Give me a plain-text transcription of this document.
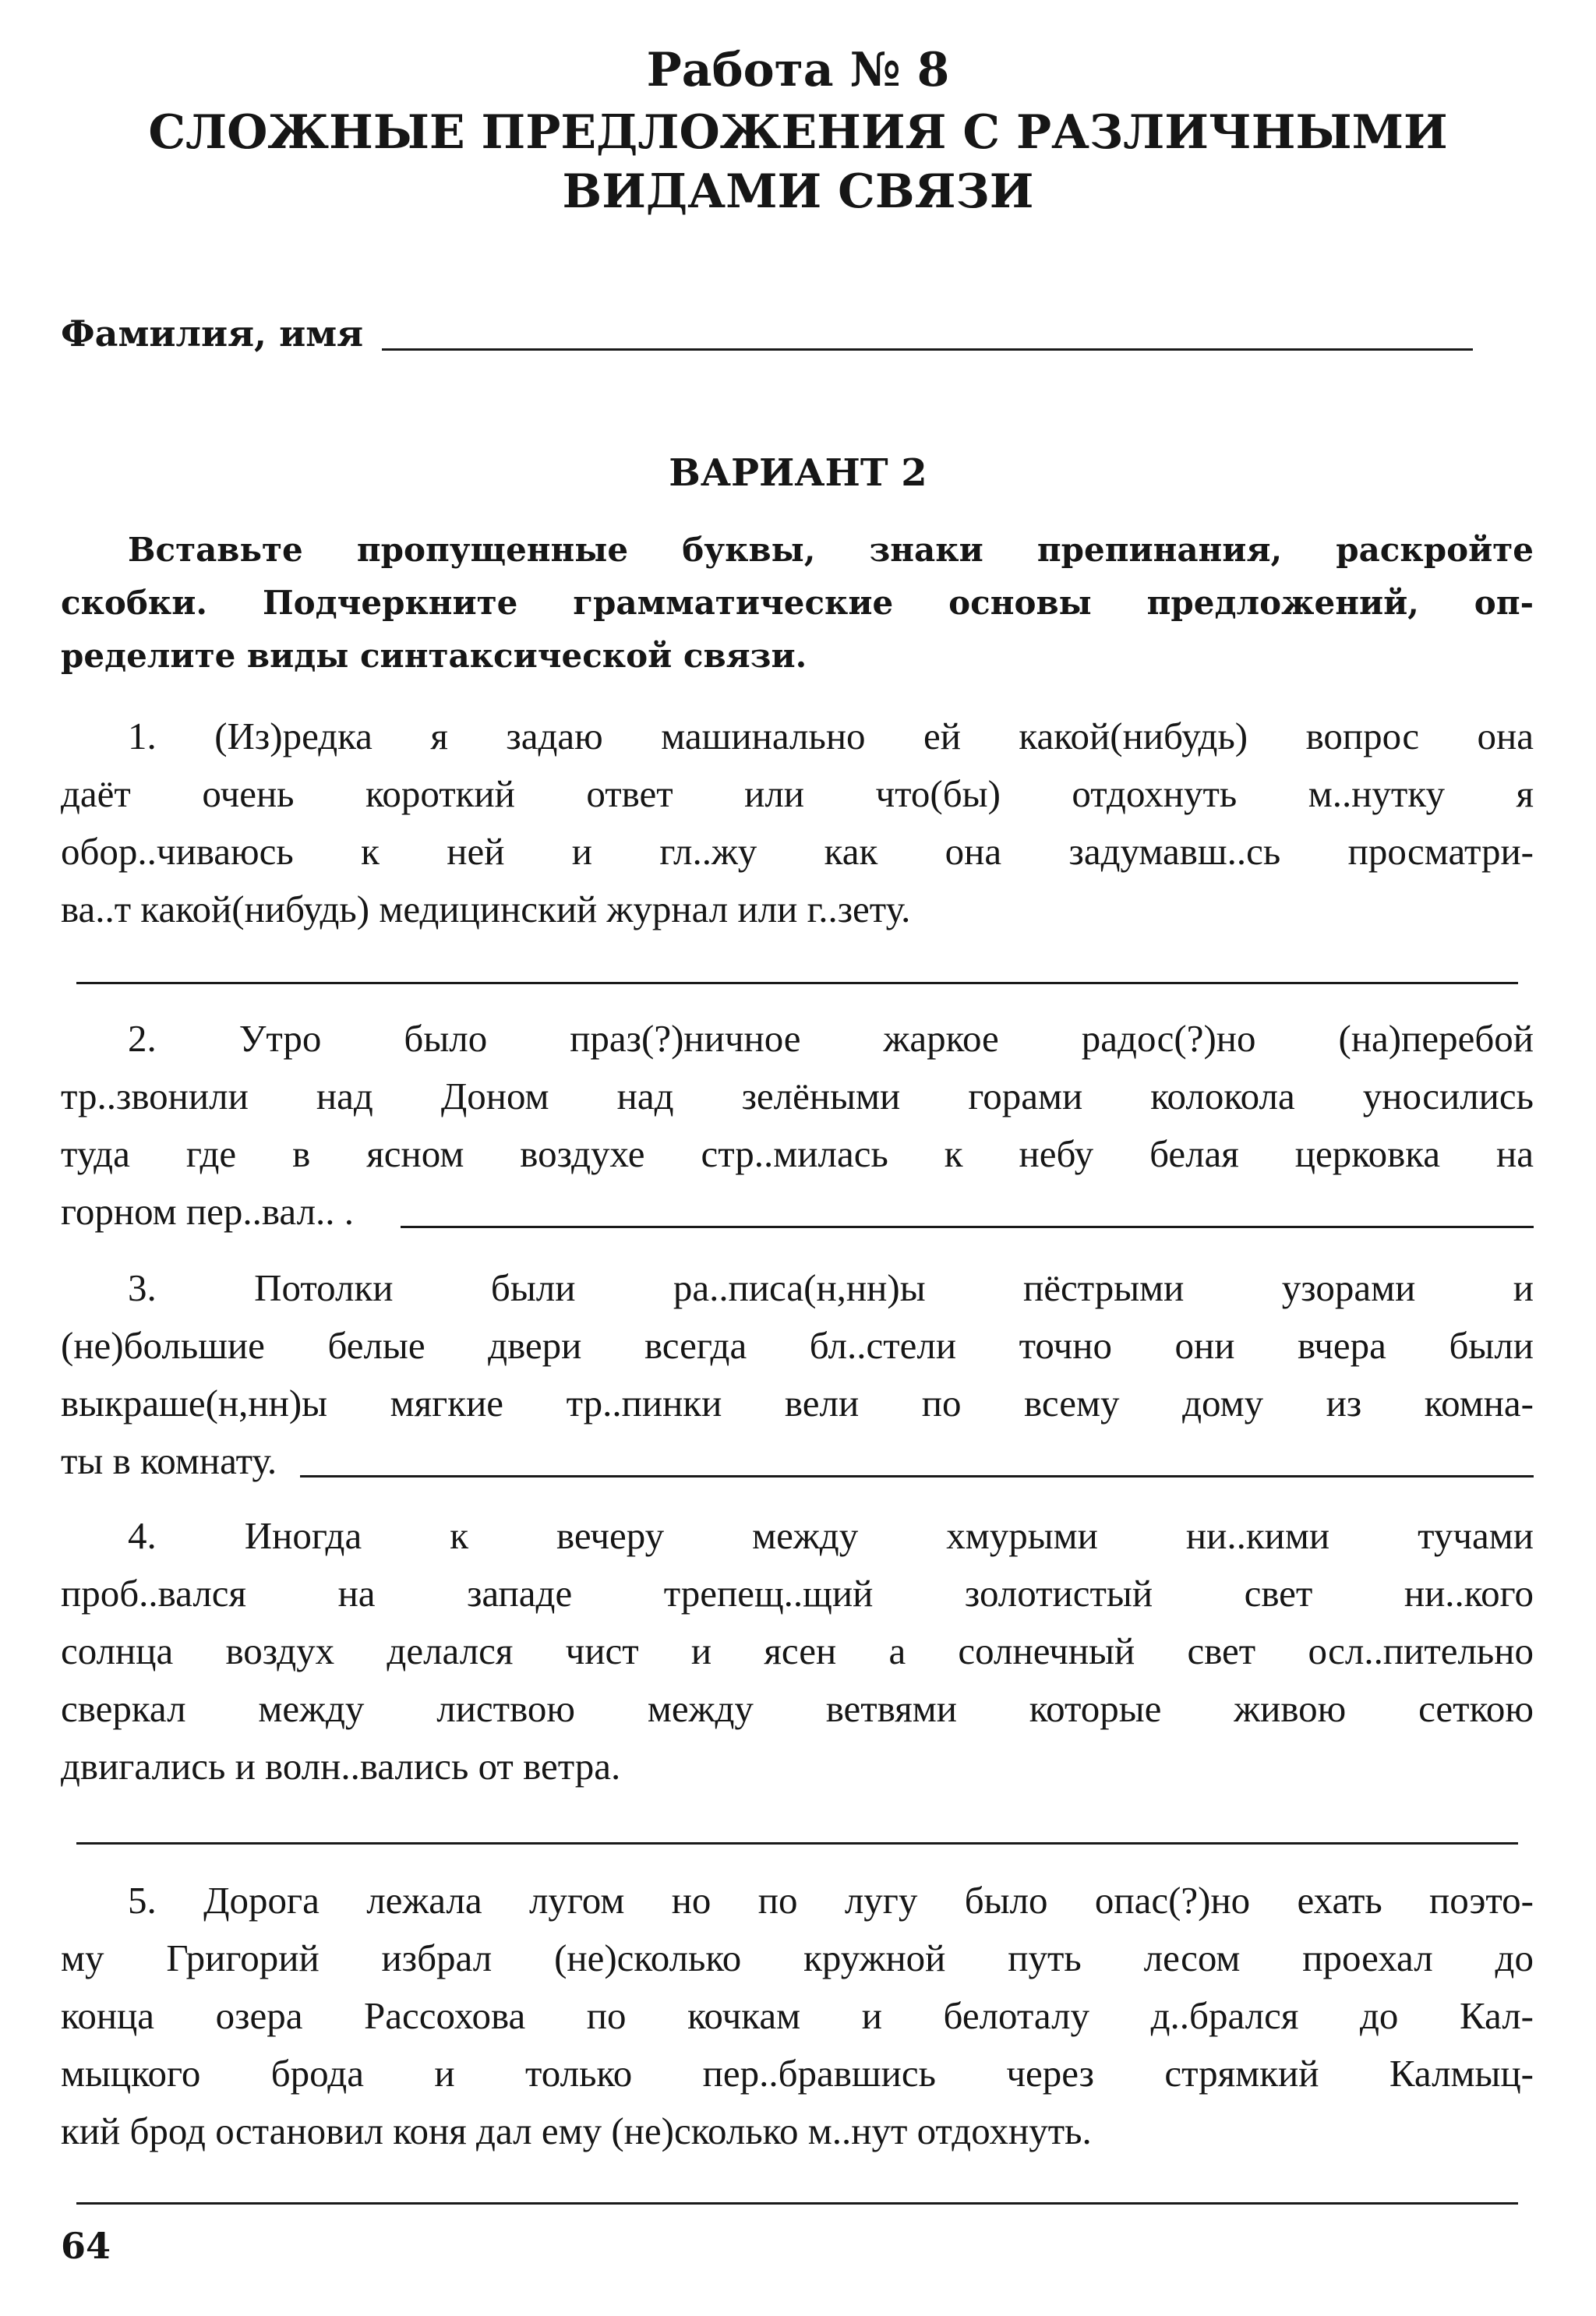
Работа № 8
СЛОЖНЫЕ ПРЕДЛОЖЕНИЯ С РАЗЛИЧНЫМИ
ВИДАМИ СВЯЗИ
Фамилия, имя
ВАРИАНТ 2
Вставьте пропущенные буквы, знаки препинания, раскройте
скобки. Подчеркните грамматические основы предложений, оп-
ределите виды синтаксической связи.
1. (Из)редка я задаю машинально ей какой(нибудь) вопрос она
даёт очень короткий ответ или что(бы) отдохнуть м..нутку я
обор..чиваюсь к ней и гл..жу как она задумавш..сь просматри-
ва..т какой(нибудь) медицинский журнал или г..зету.
2. Утро было праз(?)ничное жаркое радос(?)но (на)перебой
тр..звонили над Доном над зелёными горами колокола уносились
туда где в ясном воздухе стр..милась к небу белая церковка на
горном пер..вал.. .
3. Потолки были ра..писа(н,нн)ы пёстрыми узорами и
(не)большие белые двери всегда бл..стели точно они вчера были
выкраше(н,нн)ы мягкие тр..пинки вели по всему дому из комна-
ты в комнату.
4. Иногда к вечеру между хмурыми ни..кими тучами
проб..вался на западе трепещ..щий золотистый свет ни..кого
солнца воздух делался чист и ясен а солнечный свет осл..пительно
сверкал между листвою между ветвями которые живою сеткою
двигались и волн..вались от ветра.
5. Дорога лежала лугом но по лугу было опас(?)но ехать поэто-
му Григорий избрал (не)сколько кружной путь лесом проехал до
конца озера Рассохова по кочкам и белоталу д..брался до Кал-
мыцкого брода и только пер..бравшись через стрямкий Калмыц-
кий брод остановил коня дал ему (не)сколько м..нут отдохнуть.
64
